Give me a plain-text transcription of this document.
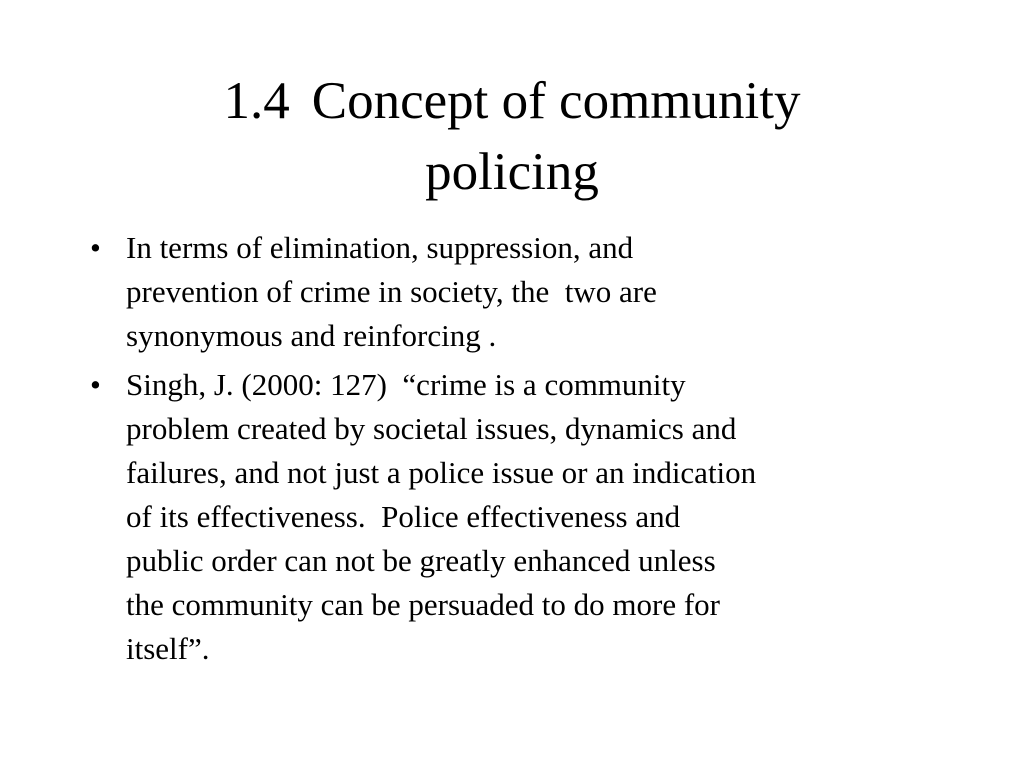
1.4 Concept of community
policing
• In terms of elimination, suppression, and
prevention of crime in society, the  two are
synonymous and reinforcing .
• Singh, J. (2000: 127)  “crime is a community
problem created by societal issues, dynamics and
failures, and not just a police issue or an indication
of its effectiveness.  Police effectiveness and
public order can not be greatly enhanced unless
the community can be persuaded to do more for
itself”.
